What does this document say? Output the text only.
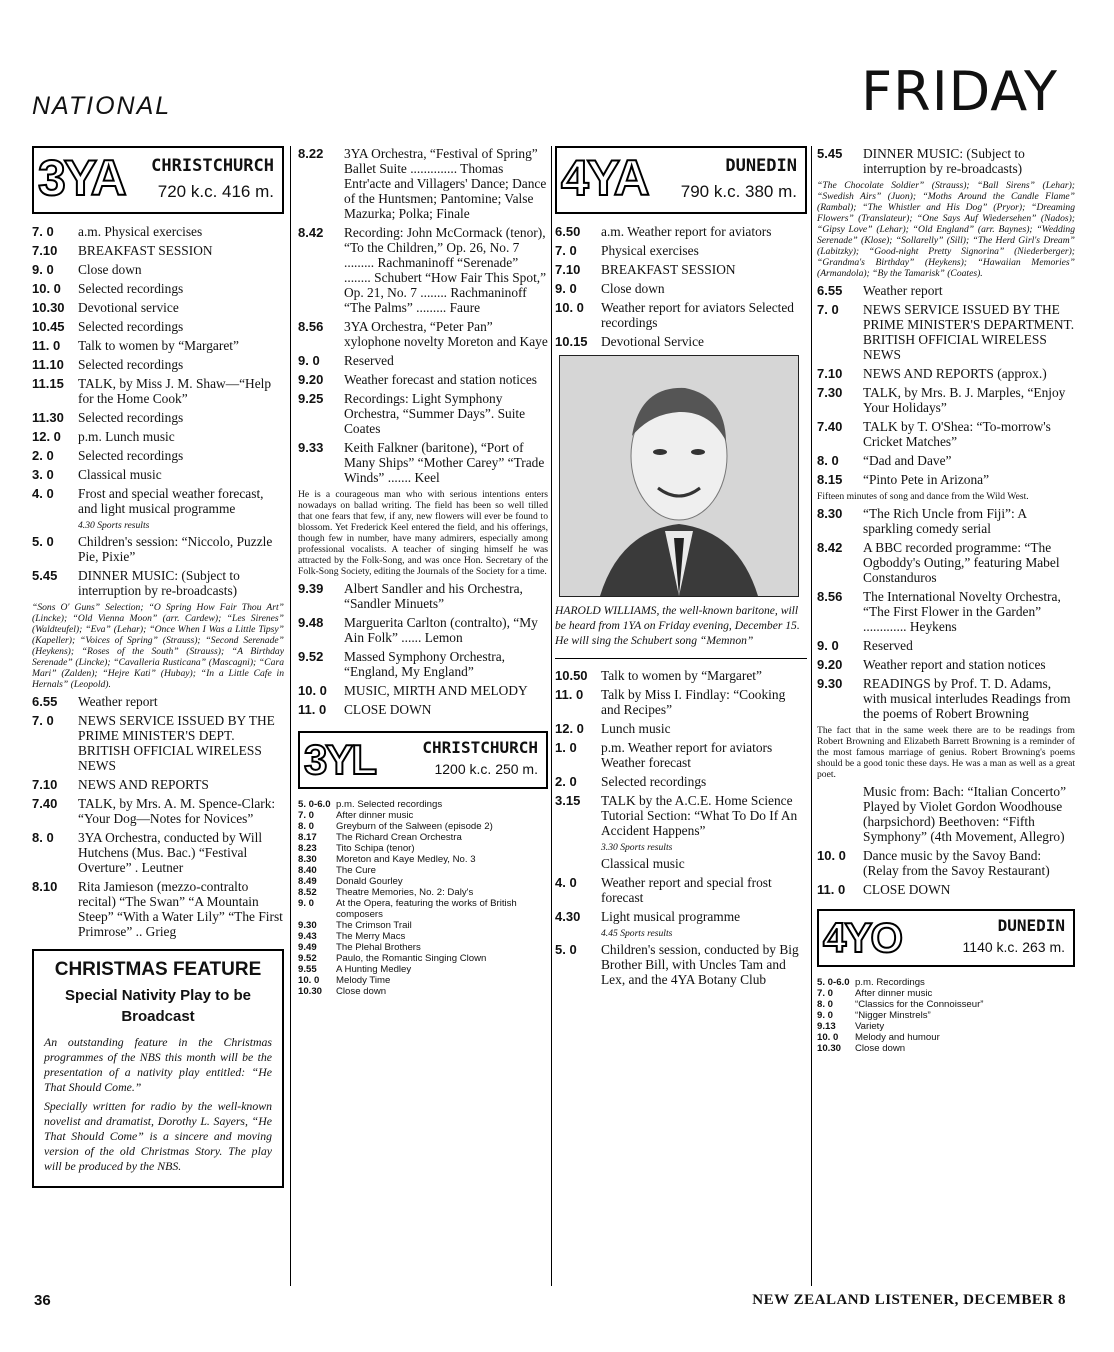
NATIONAL	FRIDAY
3YA CHRISTCHURCH
720 k.c. 416 m.
7. 0	a.m. Physical exercises
7.10	BREAKFAST SESSION
9. 0	Close down
10. 0	Selected recordings
10.30	Devotional service
10.45	Selected recordings
11. 0	Talk to women by “Margaret”
11.10	Selected recordings
11.15	TALK, by Miss J. M. Shaw—“Help for the Home Cook”
11.30	Selected recordings
12. 0	p.m. Lunch music
2. 0	Selected recordings
3. 0	Classical music
4. 0	Frost and special weather forecast, and light musical programme
4.30 Sports results
5. 0	Children's session: “Niccolo, Puzzle Pie, Pixie”
5.45	DINNER MUSIC: (Subject to interruption by re-broadcasts)
“Sons O' Guns” Selection; “O Spring How Fair Thou Art” (Lincke); “Old Vienna Moon” (arr. Cardew); “Les Sirenes” (Waldteufel); “Eva” (Lehar); “Once When I Was a Little Tipsy” (Kapeller); “Voices of Spring” (Strauss); “Second Serenade” (Heykens); “Roses of the South” (Strauss); “A Birthday Serenade” (Lincke); “Cavalleria Rusticana” (Mascagni); “Cara Mari” (Zalden); “Hejre Kati” (Hubay); “In a Little Cafe in Hernals” (Leopold).
6.55	Weather report
7. 0	NEWS SERVICE ISSUED BY THE PRIME MINISTER'S DEPT. BRITISH OFFICIAL WIRELESS NEWS
7.10	NEWS AND REPORTS
7.40	TALK, by Mrs. A. M. Spence-Clark: “Your Dog—Notes for Novices”
8. 0	3YA Orchestra, conducted by Will Hutchens (Mus. Bac.) “Festival Overture” . Leutner
8.10	Rita Jamieson (mezzo-contralto recital) “The Swan” “A Mountain Steep” “With a Water Lily” “The First Primrose” .. Grieg
CHRISTMAS FEATURE
Special Nativity Play to be Broadcast

An outstanding feature in the Christmas programmes of the NBS this month will be the presentation of a nativity play entitled: “He That Should Come.”

Specially written for radio by the well-known novelist and dramatist, Dorothy L. Sayers, “He That Should Come” is a sincere and moving version of the old Christmas Story. The play will be produced by the NBS.

8.22	3YA Orchestra, “Festival of Spring” Ballet Suite .............. Thomas Entr'acte and Villagers' Dance; Dance of the Huntsmen; Pantomine; Valse Mazurka; Polka; Finale
8.42	Recording: John McCormack (tenor), “To the Children,” Op. 26, No. 7 ......... Rachmaninoff “Serenade” ........ Schubert “How Fair This Spot,” Op. 21, No. 7 ........ Rachmaninoff “The Palms” ......... Faure
8.56	3YA Orchestra, “Peter Pan” xylophone novelty Moreton and Kaye
9. 0	Reserved
9.20	Weather forecast and station notices
9.25	Recordings: Light Symphony Orchestra, “Summer Days”. Suite Coates
9.33	Keith Falkner (baritone), “Port of Many Ships” “Mother Carey” “Trade Winds” ....... Keel
He is a courageous man who with serious intentions enters nowadays on ballad writing. The field has been so well tilled that one fears that few, if any, new flowers will ever be found to blossom. Yet Frederick Keel entered the field, and his offerings, though few in number, have many admirers, especially among professional vocalists. A teacher of singing himself he was attracted by the Folk-Song, and was once Hon. Secretary of the Folk-Song Society, editing the Journals of the Society for a time.
9.39	Albert Sandler and his Orchestra, “Sandler Minuets”
9.48	Marguerita Carlton (contralto), “My Ain Folk” ...... Lemon
9.52	Massed Symphony Orchestra, “England, My England”
10. 0	MUSIC, MIRTH AND MELODY
11. 0	CLOSE DOWN
3YL	CHRISTCHURCH
1200 k.c. 250 m.
5. 0-6.0 p.m. Selected recordings
7. 0	After dinner music
8. 0	Greyburn of the Salween (episode 2)
8.17	The Richard Crean Orchestra
8.23	Tito Schipa (tenor)
8.30	Moreton and Kaye Medley, No. 3
8.40	The Cure
8.49	Donald Gourley
8.52	Theatre Memories, No. 2: Daly's
9. 0	At the Opera, featuring the works of British composers
9.30	The Crimson Trail
9.43	The Merry Macs
9.49	The Plehal Brothers
9.52	Paulo, the Romantic Singing Clown
9.55	A Hunting Medley
10. 0	Melody Time
10.30	Close down
4YA	DUNEDIN
790 k.c. 380 m.
6.50	a.m. Weather report for aviators
7. 0	Physical exercises
7.10	BREAKFAST SESSION
9. 0	Close down
10. 0	Weather report for aviators Selected recordings
10.15	Devotional Service
HAROLD WILLIAMS, the well-known baritone, will be heard from 1YA on Friday evening, December 15. He will sing the Schubert song “Memnon”
10.50	Talk to women by “Margaret”
11. 0	Talk by Miss I. Findlay: “Cooking and Recipes”
12. 0	Lunch music
1. 0	p.m. Weather report for aviators Weather forecast
2. 0	Selected recordings
3.15	TALK by the A.C.E. Home Science Tutorial Section: “What To Do If An Accident Happens”
3.30 Sports results
Classical music
4. 0	Weather report and special frost forecast
4.30	Light musical programme
4.45 Sports results
5. 0	Children's session, conducted by Big Brother Bill, with Uncles Tam and Lex, and the 4YA Botany Club
5.45	DINNER MUSIC: (Subject to interruption by re-broadcasts)
“The Chocolate Soldier” (Strauss); “Ball Sirens” (Lehar); “Swedish Airs” (Juon); “Moths Around the Candle Flame” (Rambal); “The Whistler and His Dog” (Pryor); “Dreaming Flowers” (Translateur); “One Says Auf Wiedersehen” (Nados); “Gipsy Love” (Lehar); “Old England” (arr. Baynes); “Wedding Serenade” (Klose); “Sollarelly” (Sill); “The Herd Girl's Dream” (Labitzky); “Good-night Pretty Signorina” (Niederberger); “Grandma's Birthday” (Heykens); “Hawaiian Memories” (Armandola); “By the Tamarisk” (Coates).
6.55	Weather report
7. 0	NEWS SERVICE ISSUED BY THE PRIME MINISTER'S DEPARTMENT. BRITISH OFFICIAL WIRELESS NEWS
7.10	NEWS AND REPORTS (approx.)
7.30	TALK, by Mrs. B. J. Marples, “Enjoy Your Holidays”
7.40	TALK by T. O'Shea: “To-morrow's Cricket Matches”
8. 0	“Dad and Dave”
8.15	“Pinto Pete in Arizona”
Fifteen minutes of song and dance from the Wild West.
8.30	“The Rich Uncle from Fiji”: A sparkling comedy serial
8.42	A BBC recorded programme: “The Ogboddy's Outing,” featuring Mabel Constanduros
8.56	The International Novelty Orchestra, “The First Flower in the Garden” ............. Heykens
9. 0	Reserved
9.20	Weather report and station notices
9.30	READINGS by Prof. T. D. Adams, with musical interludes Readings from the poems of Robert Browning
The fact that in the same week there are to be readings from Robert Browning and Elizabeth Barrett Browning is a reminder of the most famous marriage of genius. Robert Browning's poems should be a good tonic these days. He was a man as well as a great poet.
Music from: Bach: “Italian Concerto” Played by Violet Gordon Woodhouse (harpsichord) Beethoven: “Fifth Symphony” (4th Movement, Allegro)
10. 0	Dance music by the Savoy Band: (Relay from the Savoy Restaurant)
11. 0	CLOSE DOWN
4YO	DUNEDIN
1140 k.c. 263 m.
5. 0-6.0 p.m. Recordings
7. 0	After dinner music
8. 0	“Classics for the Connoisseur”
9. 0	“Nigger Minstrels”
9.13	Variety
10. 0	Melody and humour
10.30	Close down
36	NEW ZEALAND LISTENER, DECEMBER 8
